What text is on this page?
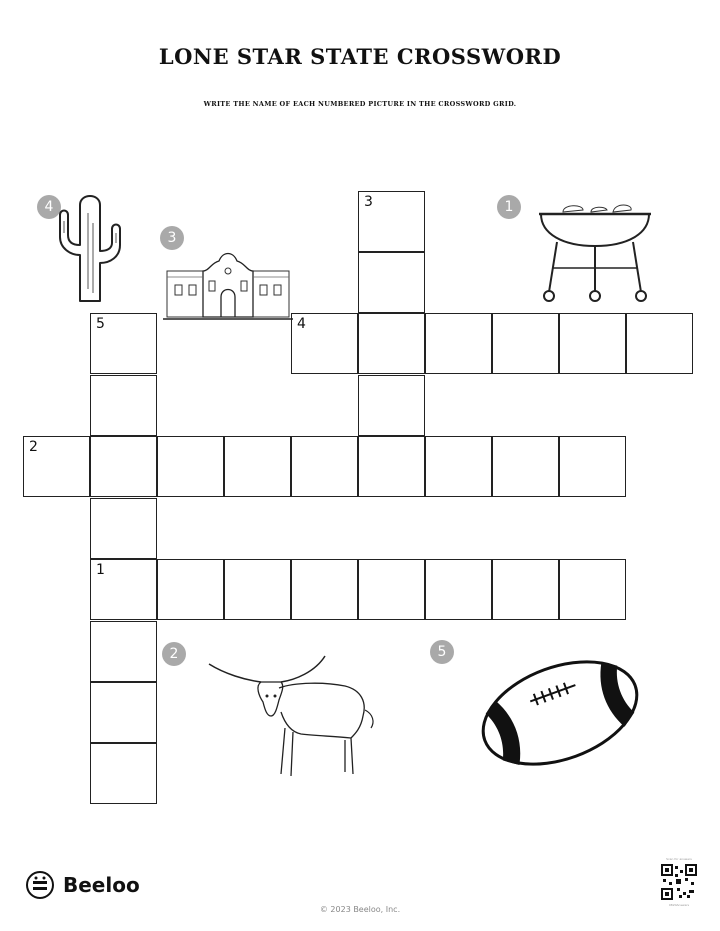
LONE STAR STATE CROSSWORD
WRITE THE NAME OF EACH NUMBERED PICTURE IN THE CROSSWORD GRID.
3
5	4
2
1
4
3
1
2	5
Beeloo
© 2023 Beeloo, Inc.
Scan for answers
0820Answers
